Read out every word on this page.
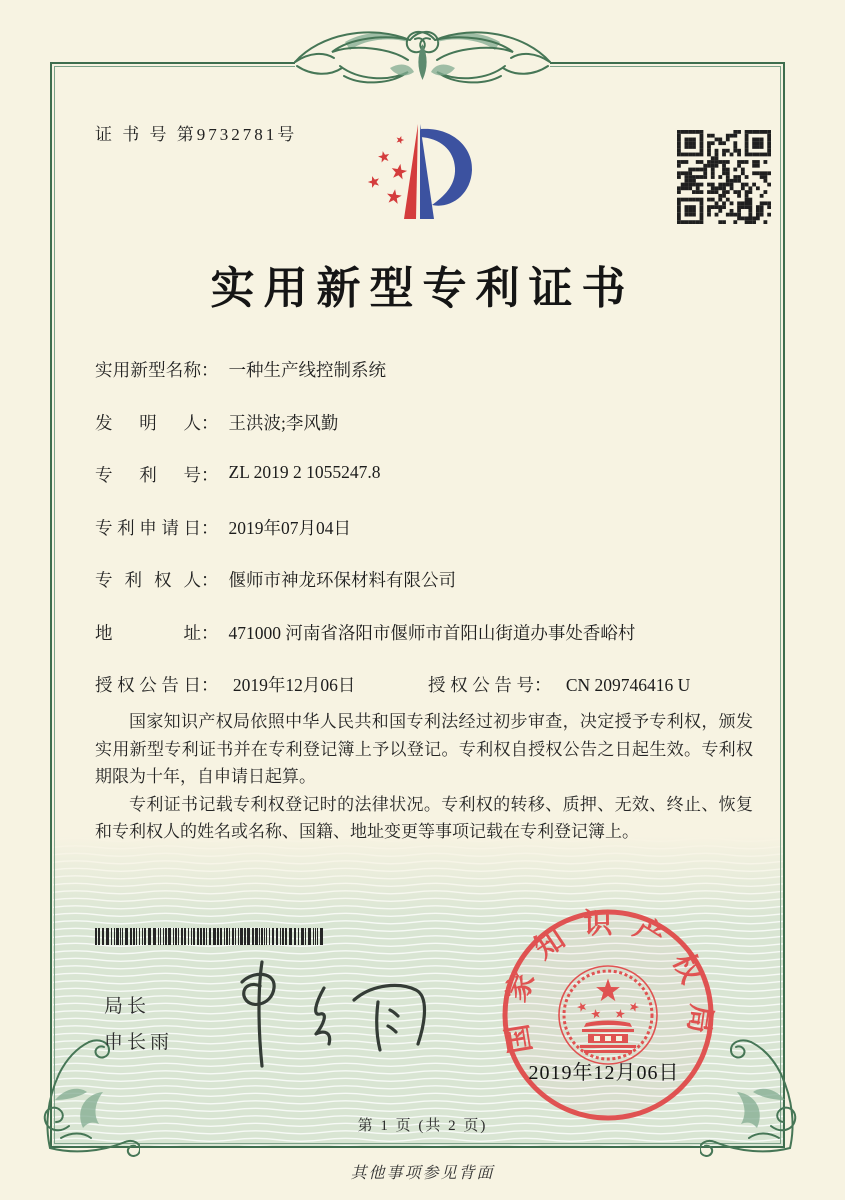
证 书 号 第9732781号
实用新型专利证书
实用新型名称 ： 一种生产线控制系统
发明人 ： 王洪波;李风勤
专利号 ： ZL 2019 2 1055247.8
专利申请日 ： 2019年07月04日
专利权人 ： 偃师市神龙环保材料有限公司
地址 ： 471000 河南省洛阳市偃师市首阳山街道办事处香峪村
授权公告日： 2019年12月06日	授权公告号： CN 209746416 U

国家知识产权局依照中华人民共和国专利法经过初步审查，决定授予专利权，颁发实用新型专利证书并在专利登记簿上予以登记。专利权自授权公告之日起生效。专利权期限为十年，自申请日起算。

专利证书记载专利权登记时的法律状况。专利权的转移、质押、无效、终止、恢复和专利权人的姓名或名称、国籍、地址变更等事项记载在专利登记簿上。

局长
申长雨	国家知识产权局
2019年12月06日
第 1 页 (共 2 页)
其他事项参见背面
